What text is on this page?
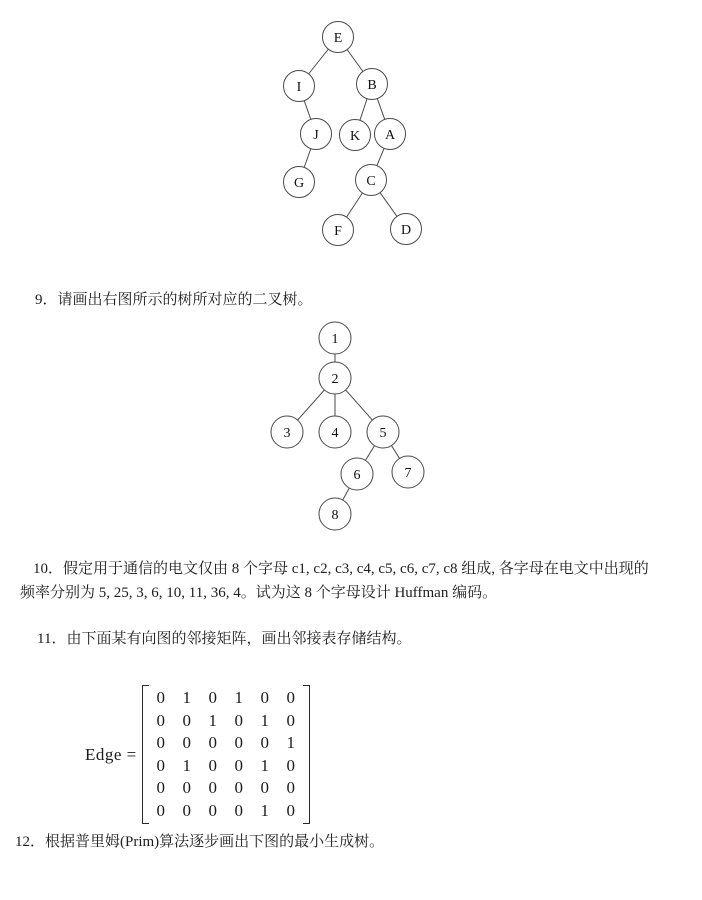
E
I	B
J K A
G	C
F	D
9．请画出右图所示的树所对应的二叉树。
1
2
3	4	5
6	7
8
10．假定用于通信的电文仅由 8 个字母 c1, c2, c3, c4, c5, c6, c7, c8 组成, 各字母在电文中出现的
频率分别为 5, 25, 3, 6, 10, 11, 36, 4。试为这 8 个字母设计 Huffman 编码。
11．由下面某有向图的邻接矩阵，画出邻接表存储结构。
Edge =
0 1 0 1 0 0
0 0 1 0 1 0
0 0 0 0 0 1
0 1 0 0 1 0
0 0 0 0 0 0
0 0 0 0 1 0
12．根据普里姆(Prim)算法逐步画出下图的最小生成树。
